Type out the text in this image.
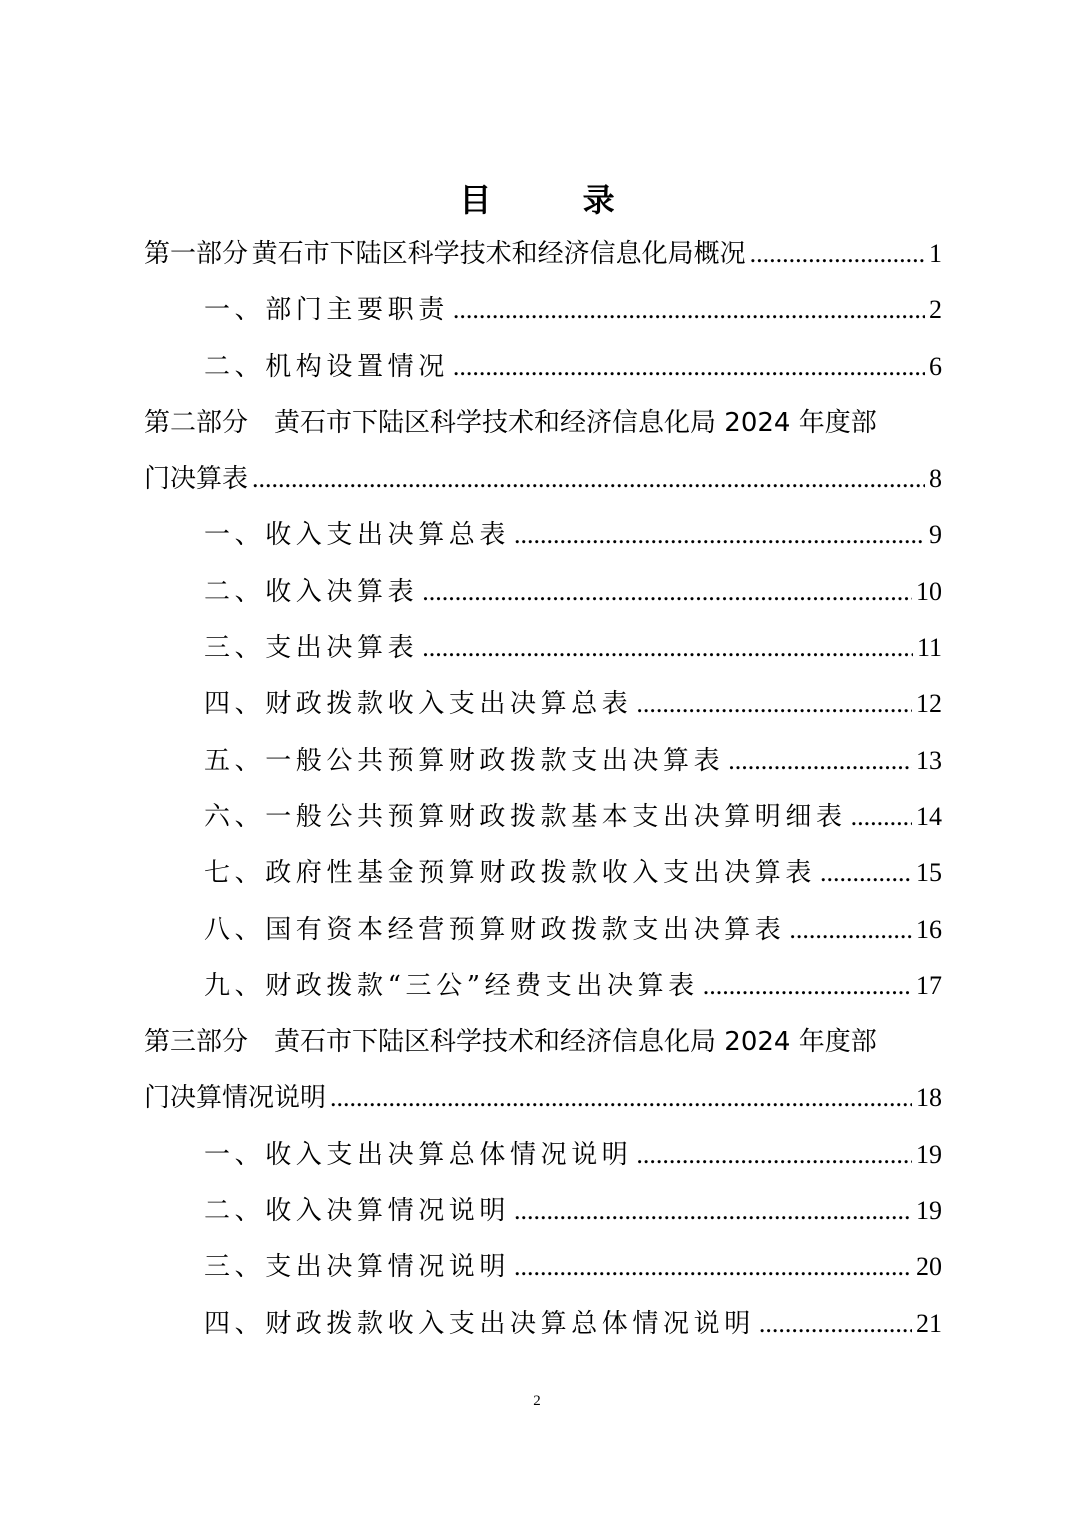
目 录
第一部分 黄石市下陆区科学技术和经济信息化局概况 .....	1
一、部门主要职责 .....	2
二、机构设置情况 .....	6
第二部分 黄石市下陆区科学技术和经济信息化局 2024 年度部
门决算表 .....	8
一、收入支出决算总表 .....	9
二、收入决算表 .....	10
三、支出决算表 .....	11
四、财政拨款收入支出决算总表 .....	12
五、一般公共预算财政拨款支出决算表 .....	13
六、一般公共预算财政拨款基本支出决算明细表 .....	14
七、政府性基金预算财政拨款收入支出决算表 .....	15
八、国有资本经营预算财政拨款支出决算表 .....	16
九、财政拨款“三公”经费支出决算表 .....	17
第三部分 黄石市下陆区科学技术和经济信息化局 2024 年度部
门决算情况说明 .....	18
一、收入支出决算总体情况说明 .....	19
二、收入决算情况说明 .....	19
三、支出决算情况说明 .....	20
四、财政拨款收入支出决算总体情况说明 .....	21
2
